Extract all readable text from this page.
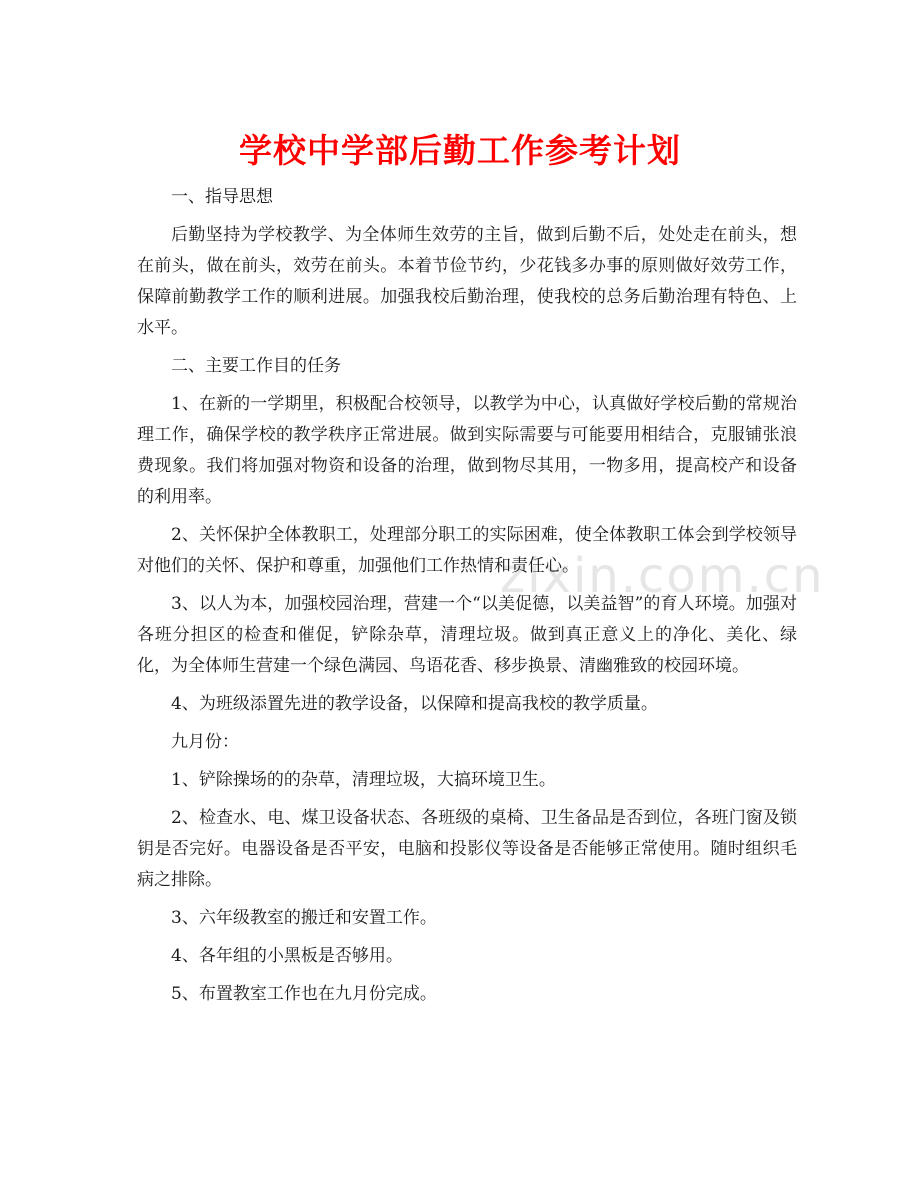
zixin.com.cn
学校中学部后勤工作参考计划

一、指导思想

后勤坚持为学校教学、为全体师生效劳的主旨，做到后勤不后，处处走在前头，想在前头，做在前头，效劳在前头。本着节俭节约，少花钱多办事的原则做好效劳工作，保障前勤教学工作的顺利进展。加强我校后勤治理，使我校的总务后勤治理有特色、上水平。

二、主要工作目的任务

1、在新的一学期里，积极配合校领导，以教学为中心，认真做好学校后勤的常规治理工作，确保学校的教学秩序正常进展。做到实际需要与可能要用相结合，克服铺张浪费现象。我们将加强对物资和设备的治理，做到物尽其用，一物多用，提高校产和设备的利用率。

2、关怀保护全体教职工，处理部分职工的实际困难，使全体教职工体会到学校领导对他们的关怀、保护和尊重，加强他们工作热情和责任心。

3、以人为本，加强校园治理，营建一个“以美促德，以美益智”的育人环境。加强对各班分担区的检查和催促，铲除杂草，清理垃圾。做到真正意义上的净化、美化、绿化，为全体师生营建一个绿色满园、鸟语花香、移步换景、清幽雅致的校园环境。

4、为班级添置先进的教学设备，以保障和提高我校的教学质量。

九月份：

1、铲除操场的的杂草，清理垃圾，大搞环境卫生。

2、检查水、电、煤卫设备状态、各班级的桌椅、卫生备品是否到位，各班门窗及锁钥是否完好。电器设备是否平安，电脑和投影仪等设备是否能够正常使用。随时组织毛病之排除。

3、六年级教室的搬迁和安置工作。

4、各年组的小黑板是否够用。

5、布置教室工作也在九月份完成。
